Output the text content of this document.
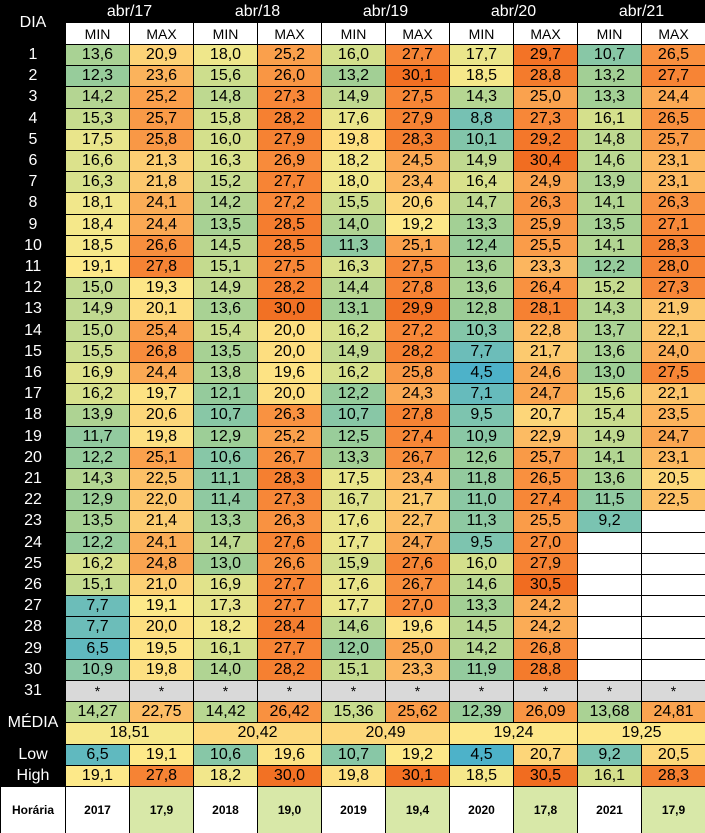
DIA
abr/17
MIN	MAX
abr/18
MIN	MAX
abr/19
MIN	MAX
abr/20
MIN	MAX
abr/21
MIN	MAX
1	13,6	20,9	18,0	25,2	16,0	27,7	17,7	29,7	10,7	26,5
2	12,3	23,6	15,6	26,0	13,2	30,1	18,5	28,8	13,2	27,7
3	14,2	25,2	14,8	27,3	14,9	27,5	14,3	25,0	13,3	24,4
4	15,3	25,7	15,8	28,2	17,6	27,9	8,8	27,3	16,1	26,5
5	17,5	25,8	16,0	27,9	19,8	28,3	10,1	29,2	14,8	25,7
6	16,6	21,3	16,3	26,9	18,2	24,5	14,9	30,4	14,6	23,1
7	16,3	21,8	15,2	27,7	18,0	23,4	16,4	24,9	13,9	23,1
8	18,1	24,1	14,2	27,2	15,5	20,6	14,7	26,3	14,1	26,3
9	18,4	24,4	13,5	28,5	14,0	19,2	13,3	25,9	13,5	27,1
10	18,5	26,6	14,5	28,5	11,3	25,1	12,4	25,5	14,1	28,3
11	19,1	27,8	15,1	27,5	16,3	27,5	13,6	23,3	12,2	28,0
12	15,0	19,3	14,9	28,2	14,4	27,8	13,6	26,4	15,2	27,3
13	14,9	20,1	13,6	30,0	13,1	29,9	12,8	28,1	14,3	21,9
14	15,0	25,4	15,4	20,0	16,2	27,2	10,3	22,8	13,7	22,1
15	15,5	26,8	13,5	20,0	14,9	28,2	7,7	21,7	13,6	24,0
16	16,9	24,4	13,8	19,6	16,2	25,8	4,5	24,6	13,0	27,5
17	16,2	19,7	12,1	20,0	12,2	24,3	7,1	24,7	15,6	22,1
18	13,9	20,6	10,7	26,3	10,7	27,8	9,5	20,7	15,4	23,5
19	11,7	19,8	12,9	25,2	12,5	27,4	10,9	22,9	14,9	24,7
20	12,2	25,1	10,6	26,7	13,3	26,7	12,6	25,7	14,1	23,1
21	14,3	22,5	11,1	28,3	17,5	23,4	11,8	26,5	13,6	20,5
22	12,9	22,0	11,4	27,3	16,7	21,7	11,0	27,4	11,5	22,5
23	13,5	21,4	13,3	26,3	17,6	22,7	11,3	25,5	9,2
24	12,2	24,1	14,7	27,6	17,7	24,7	9,5	27,0
25	16,2	24,8	13,0	26,6	15,9	27,6	16,0	27,9
26	15,1	21,0	16,9	27,7	17,6	26,7	14,6	30,5
27	7,7	19,1	17,3	27,7	17,7	27,0	13,3	24,2
28	7,7	20,0	18,2	28,4	14,6	19,6	14,5	24,2
29	6,5	19,5	16,1	27,7	12,0	25,0	14,2	26,8
30	10,9	19,8	14,0	28,2	15,1	23,3	11,9	28,8
31	*	*	*	*	*	*	*	*	*	*
MÉDIA
14,27	22,75	14,42	26,42	15,36	25,62	12,39	26,09	13,68	24,81
18,51	20,42	20,49	19,24	19,25
Low	6,5	19,1	10,6	19,6	10,7	19,2	4,5	20,7	9,2	20,5
High	19,1	27,8	18,2	30,0	19,8	30,1	18,5	30,5	16,1	28,3
Horária	2017	17,9	2018	19,0	2019	19,4	2020	17,8	2021	17,9
